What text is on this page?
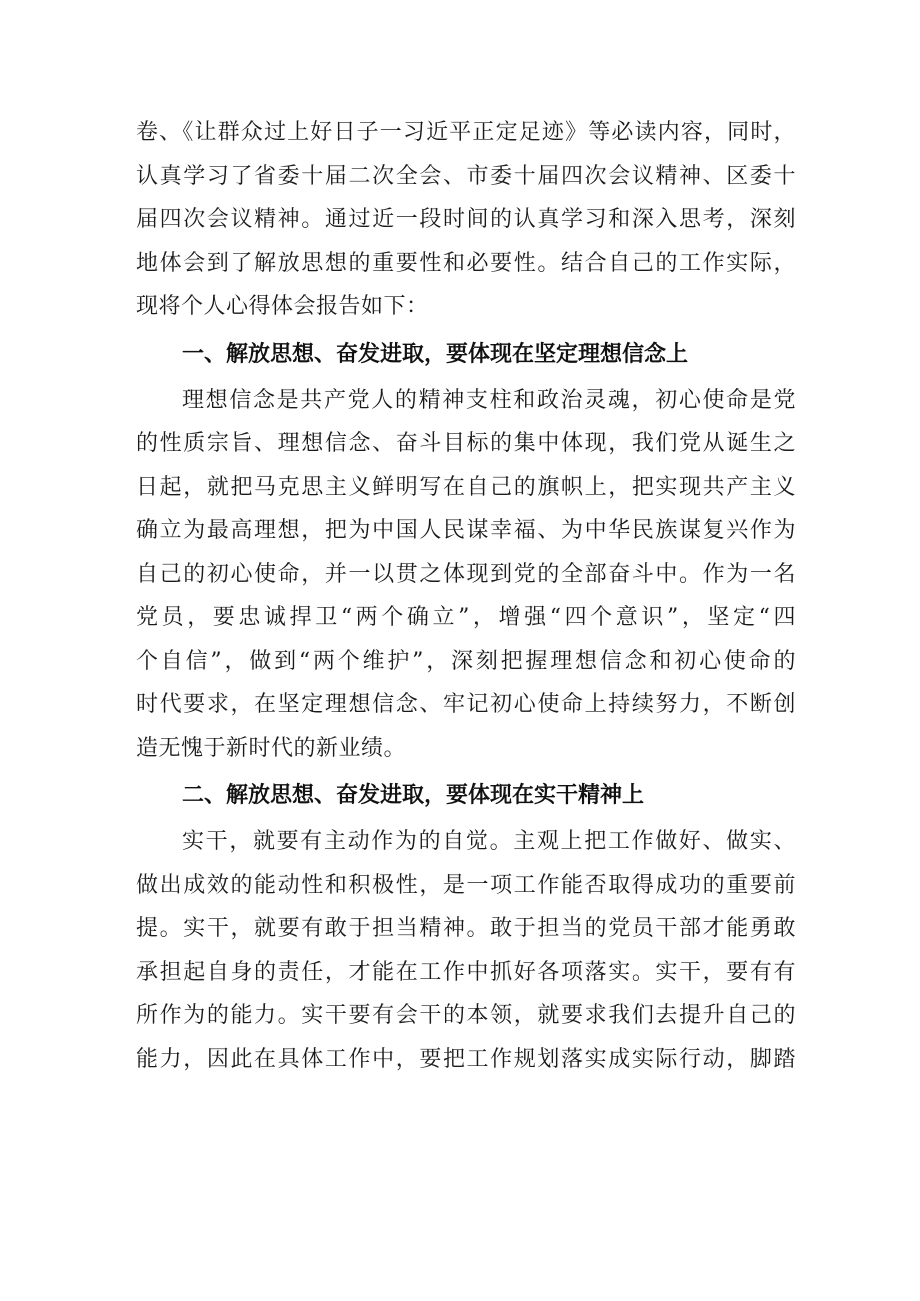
卷、《让群众过上好日子一习近平正定足迹》等必读内容，同时，
认真学习了省委十届二次全会、市委十届四次会议精神、区委十
届四次会议精神。通过近一段时间的认真学习和深入思考，深刻
地体会到了解放思想的重要性和必要性。结合自己的工作实际，
现将个人心得体会报告如下：
一、解放思想、奋发进取，要体现在坚定理想信念上
理想信念是共产党人的精神支柱和政治灵魂，初心使命是党
的性质宗旨、理想信念、奋斗目标的集中体现，我们党从诞生之
日起，就把马克思主义鲜明写在自己的旗帜上，把实现共产主义
确立为最高理想，把为中国人民谋幸福、为中华民族谋复兴作为
自己的初心使命，并一以贯之体现到党的全部奋斗中。作为一名
党员，要忠诚捍卫“两个确立”，增强“四个意识”，坚定“四
个自信”，做到“两个维护”，深刻把握理想信念和初心使命的
时代要求，在坚定理想信念、牢记初心使命上持续努力，不断创
造无愧于新时代的新业绩。
二、解放思想、奋发进取，要体现在实干精神上
实干，就要有主动作为的自觉。主观上把工作做好、做实、
做出成效的能动性和积极性，是一项工作能否取得成功的重要前
提。实干，就要有敢于担当精神。敢于担当的党员干部才能勇敢
承担起自身的责任，才能在工作中抓好各项落实。实干，要有有
所作为的能力。实干要有会干的本领，就要求我们去提升自己的
能力，因此在具体工作中，要把工作规划落实成实际行动，脚踏
